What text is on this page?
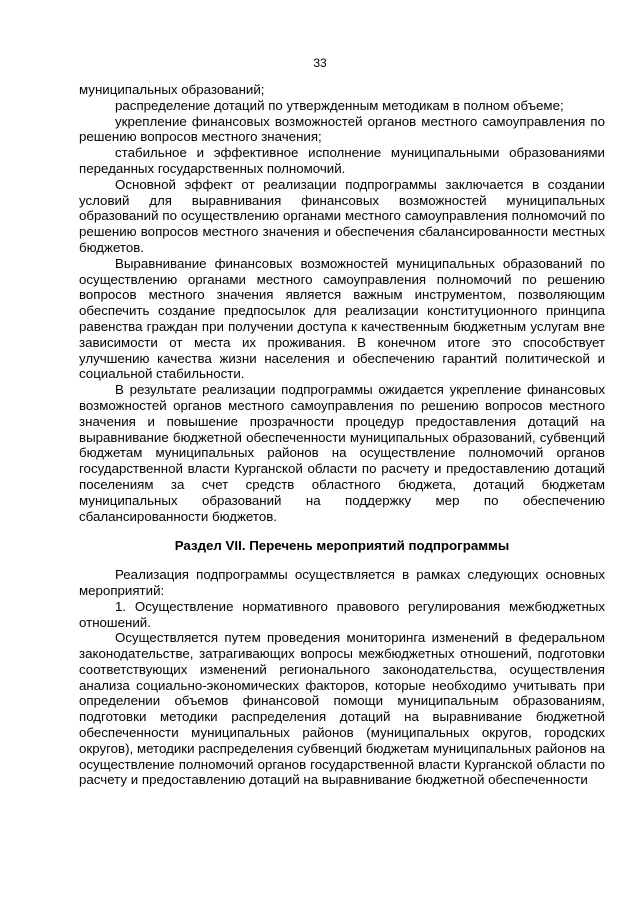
33

муниципальных образований;

распределение дотаций по утвержденным методикам в полном объеме;

укрепление финансовых возможностей органов местного самоуправления по решению вопросов местного значения;

стабильное и эффективное исполнение муниципальными образованиями переданных государственных полномочий.

Основной эффект от реализации подпрограммы заключается в создании условий для выравнивания финансовых возможностей муниципальных образований по осуществлению органами местного самоуправления полномочий по решению вопросов местного значения и обеспечения сбалансированности местных бюджетов.

Выравнивание финансовых возможностей муниципальных образований по осуществлению органами местного самоуправления полномочий по решению вопросов местного значения является важным инструментом, позволяющим обеспечить создание предпосылок для реализации конституционного принципа равенства граждан при получении доступа к качественным бюджетным услугам вне зависимости от места их проживания. В конечном итоге это способствует улучшению качества жизни населения и обеспечению гарантий политической и социальной стабильности.

В результате реализации подпрограммы ожидается укрепление финансовых возможностей органов местного самоуправления по решению вопросов местного значения и повышение прозрачности процедур предоставления дотаций на выравнивание бюджетной обеспеченности муниципальных образований, субвенций бюджетам муниципальных районов на осуществление полномочий органов государственной власти Курганской области по расчету и предоставлению дотаций поселениям за счет средств областного бюджета, дотаций бюджетам муниципальных образований на поддержку мер по обеспечению сбалансированности бюджетов.

Раздел VII. Перечень мероприятий подпрограммы

Реализация подпрограммы осуществляется в рамках следующих основных мероприятий:

1. Осуществление нормативного правового регулирования межбюджетных отношений.

Осуществляется путем проведения мониторинга изменений в федеральном законодательстве, затрагивающих вопросы межбюджетных отношений, подготовки соответствующих изменений регионального законодательства, осуществления анализа социально-экономических факторов, которые необходимо учитывать при определении объемов финансовой помощи муниципальным образованиям, подготовки методики распределения дотаций на выравнивание бюджетной обеспеченности муниципальных районов (муниципальных округов, городских округов), методики распределения субвенций бюджетам муниципальных районов на осуществление полномочий органов государственной власти Курганской области по расчету и предоставлению дотаций на выравнивание бюджетной обеспеченности
